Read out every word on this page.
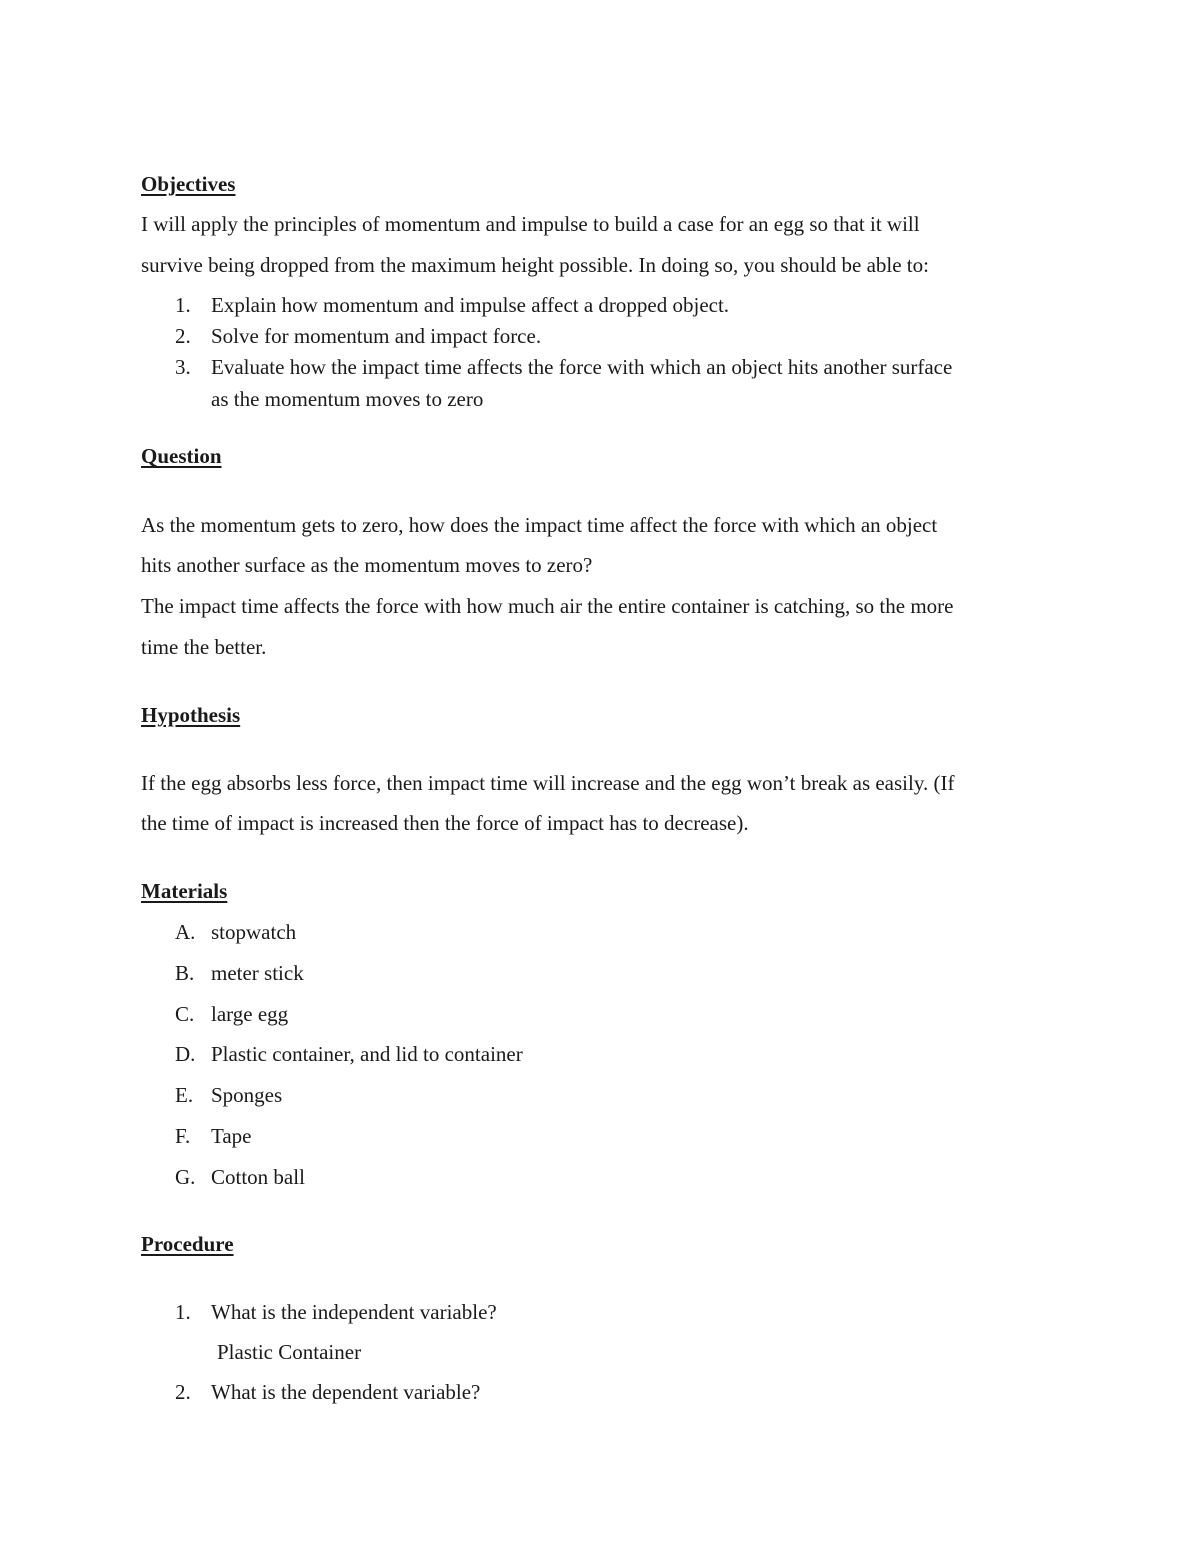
Objectives
I will apply the principles of momentum and impulse to build a case for an egg so that it will
survive being dropped from the maximum height possible. In doing so, you should be able to:
1. Explain how momentum and impulse affect a dropped object.
2. Solve for momentum and impact force.
3. Evaluate how the impact time affects the force with which an object hits another surface
as the momentum moves to zero
Question
As the momentum gets to zero, how does the impact time affect the force with which an object
hits another surface as the momentum moves to zero?
The impact time affects the force with how much air the entire container is catching, so the more
time the better.
Hypothesis
If the egg absorbs less force, then impact time will increase and the egg won’t break as easily. (If
the time of impact is increased then the force of impact has to decrease).
Materials
A. stopwatch
B. meter stick
C. large egg
D. Plastic container, and lid to container
E. Sponges
F. Tape
G. Cotton ball
Procedure
1. What is the independent variable?
Plastic Container
2. What is the dependent variable?
